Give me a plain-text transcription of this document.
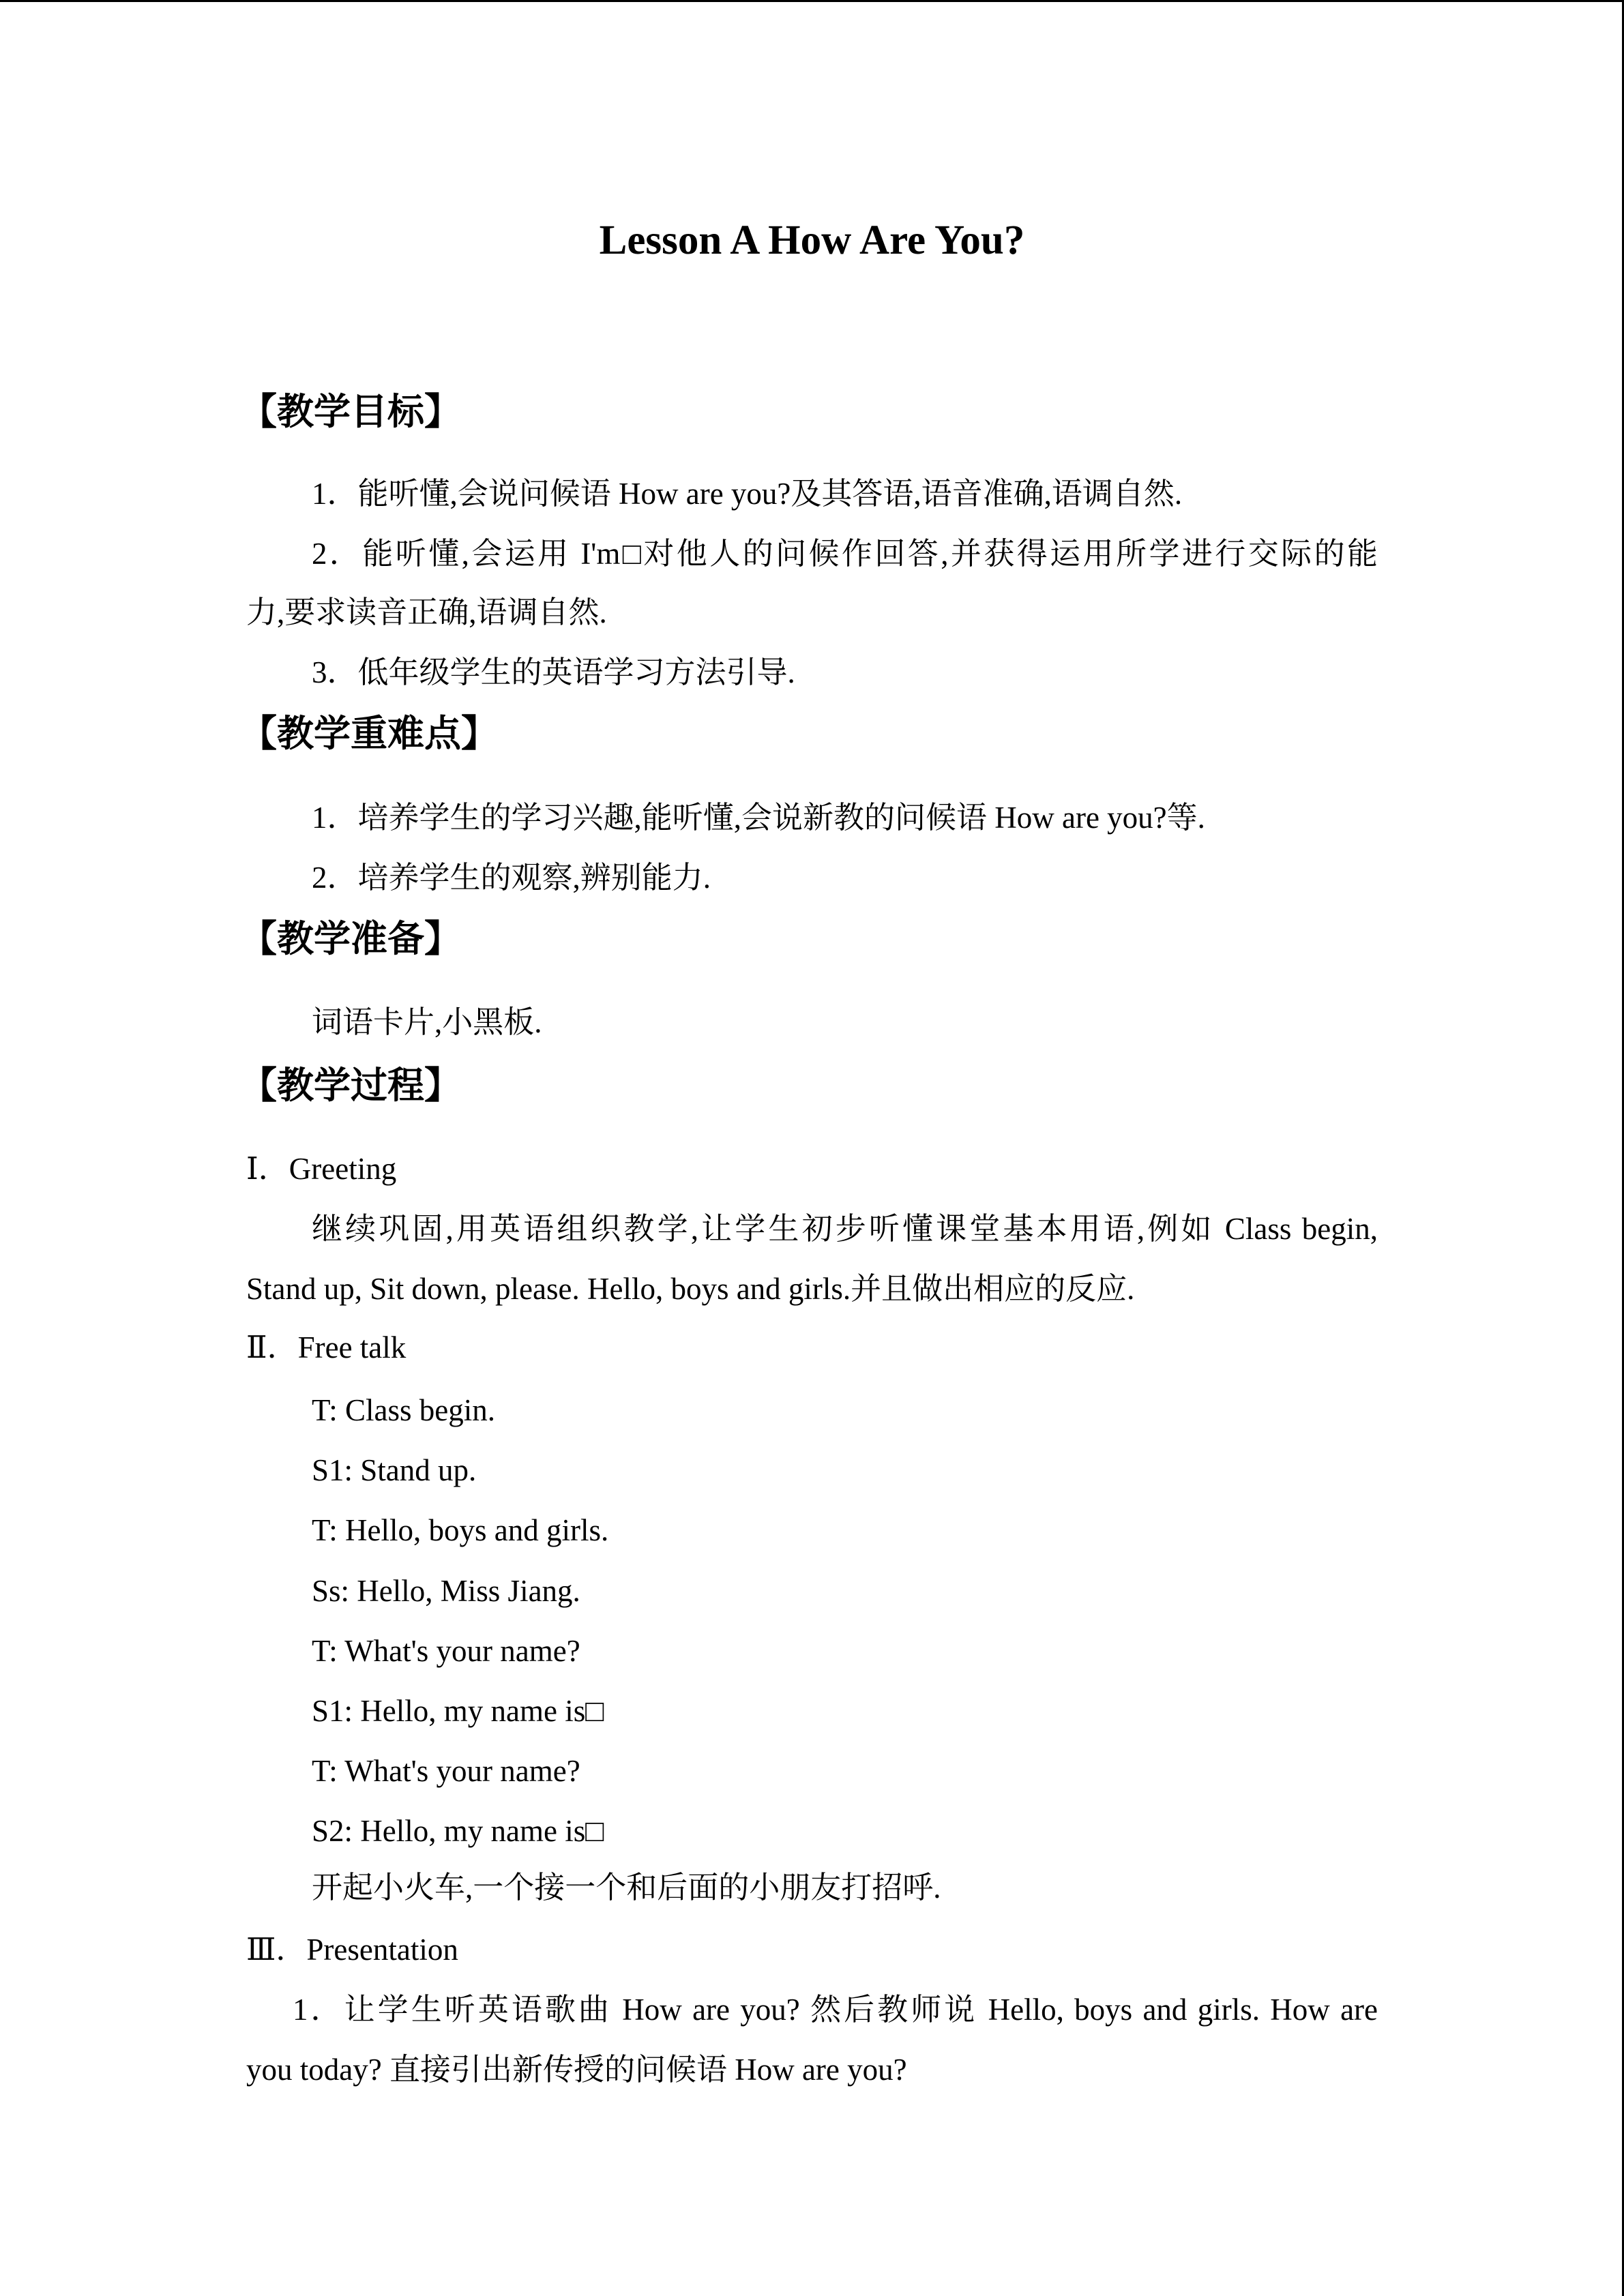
Lesson A How Are You?
【教学目标】
1．能听懂,会说问候语 How are you?及其答语,语音准确,语调自然.
2．能听懂,会运用 I'm□对他人的问候作回答,并获得运用所学进行交际的能
力,要求读音正确,语调自然.
3．低年级学生的英语学习方法引导.
【教学重难点】
1．培养学生的学习兴趣,能听懂,会说新教的问候语 How are you?等.
2．培养学生的观察,辨别能力.
【教学准备】
词语卡片,小黑板.
【教学过程】
Ⅰ．Greeting
继续巩固,用英语组织教学,让学生初步听懂课堂基本用语,例如 Class begin,
Stand up, Sit down, please. Hello, boys and girls.并且做出相应的反应.
Ⅱ．Free talk
T: Class begin.
S1: Stand up.
T: Hello, boys and girls.
Ss: Hello, Miss Jiang.
T: What's your name?
S1: Hello, my name is□
T: What's your name?
S2: Hello, my name is□
开起小火车,一个接一个和后面的小朋友打招呼.
Ⅲ．Presentation
1．让学生听英语歌曲 How are you? 然后教师说 Hello, boys and girls. How are
you today? 直接引出新传授的问候语 How are you?
